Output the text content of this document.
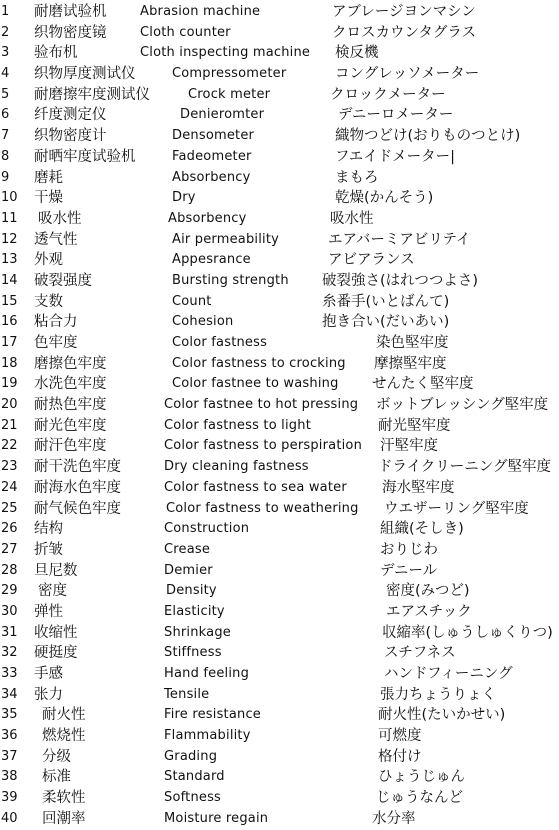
1 耐磨试验机	Abrasion machine	アブレージヨンマシン
2 织物密度镜	Cloth counter	クロスカウンタグラス
3 验布机	Cloth inspecting machine 検反機
4 织物厚度测试仪	Compressometer	コングレッソメーター
5 耐磨擦牢度测试仪	Crock meter	クロックメーター
6 纤度测定仪	Denieromter	デニーロメーター
7 织物密度计	Densometer	織物つどけ(おりものつとけ)
8 耐晒牢度试验机	Fadeometer	フエイドメーター|
9 磨耗	Absorbency	まもろ
10 干燥	Dry	乾燥(かんそう)
11 吸水性	Absorbency	吸水性
12 透气性	Air permeability	エアバーミアビリテイ
13 外观	Appesrance	アビアランス
14 破裂强度	Bursting strength 破裂強さ(はれつつよさ)
15 支数	Count	糸番手(いとばんて)
16 粘合力	Cohesion	抱き合い(だいあい)
17 色牢度	Color fastness	染色堅牢度
18 磨擦色牢度	Color fastness to crocking 摩擦堅牢度
19 水洗色牢度	Color fastnee to washing せんたく堅牢度
20 耐热色牢度	Color fastnee to hot pressing ボットブレッシング堅牢度
21 耐光色牢度	Color fastness to light	耐光堅牢度
22 耐汗色牢度	Color fastness to perspiration 汗堅牢度
23 耐干洗色牢度	Dry cleaning fastness	ドライクリーニング堅牢度
24 耐海水色牢度	Color fastness to sea water 海水堅牢度
25 耐气候色牢度	Color fastness to weathering ウエザーリング堅牢度
26 结构	Construction	組織(そしき)
27 折皱	Crease	おりじわ
28 旦尼数	Demier	デニール
29 密度	Density	密度(みつど)
30 弹性	Elasticity	エアスチック
31 收缩性	Shrinkage	収縮率(しゅうしゅくりつ)
32 硬挺度	Stiffness	スチフネス
33 手感	Hand feeling	ハンドフィーニング
34 张力	Tensile	張力ちょうりょく
35 耐火性	Fire resistance	耐火性(たいかせい)
36 燃烧性	Flammability	可燃度
37 分级	Grading	格付け
38 标准	Standard	ひょうじゅん
39 柔软性	Softness	じゅうなんど
40 回潮率	Moisture regain	水分率
